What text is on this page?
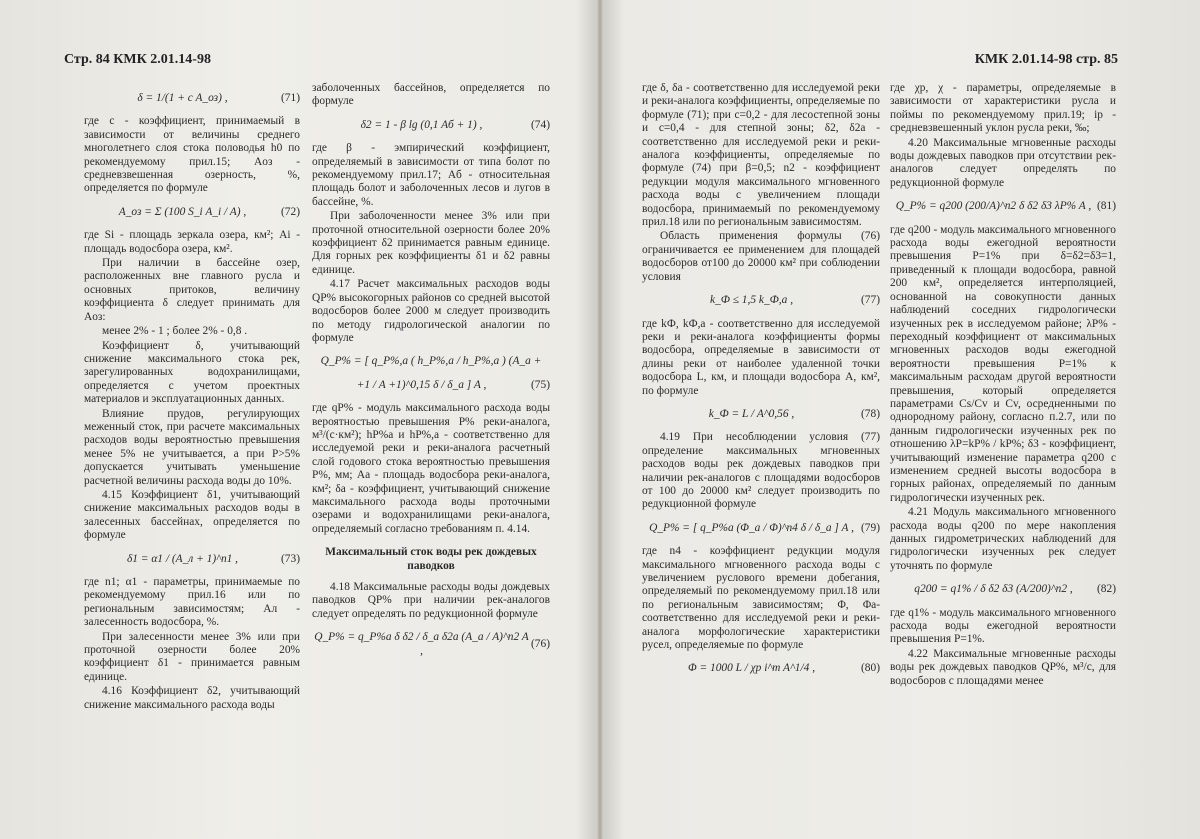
Стр. 84 КМК 2.01.14-98
δ = 1/(1 + c A_оз) ,	(71)

где c - коэффициент, принимаемый в зависимости от величины среднего многолетнего слоя стока половодья h0 по рекомендуемому прил.15; Aоз - средневзвешенная озерность, %, определяется по формуле

A_оз = Σ (100 S_i A_i / A) ,	(72)

где Si - площадь зеркала озера, км²; Ai - площадь водосбора озера, км².

При наличии в бассейне озер, расположенных вне главного русла и основных притоков, величину коэффициента δ следует принимать для Aоз:

менее 2% - 1 ; более 2% - 0,8 .

Коэффициент δ, учитывающий снижение максимального стока рек, зарегулированных водохранилищами, определяется с учетом проектных материалов и эксплуатационных данных.

Влияние прудов, регулирующих меженный сток, при расчете максимальных расходов воды вероятностью превышения менее 5% не учитывается, а при P>5% допускается учитывать уменьшение расчетной величины расхода воды до 10%.

4.15 Коэффициент δ1, учитывающий снижение максимальных расходов воды в залесенных бассейнах, определяется по формуле

δ1 = α1 / (A_л + 1)^n1 ,	(73)

где n1; α1 - параметры, принимаемые по рекомендуемому прил.16 или по региональным зависимостям; Aл - залесенность водосбора, %.

При залесенности менее 3% или при проточной озерности более 20% коэффициент δ1 - принимается равным единице.

4.16 Коэффициент δ2, учитывающий снижение максимального расхода воды

заболоченных бассейнов, определяется по формуле

δ2 = 1 - β lg (0,1 Aб + 1) ,	(74)

где β - эмпирический коэффициент, определяемый в зависимости от типа болот по рекомендуемому прил.17; Aб - относительная площадь болот и заболоченных лесов и лугов в бассейне, %.

При заболоченности менее 3% или при проточной относительной озерности более 20% коэффициент δ2 принимается равным единице. Для горных рек коэффициенты δ1 и δ2 равны единице.

4.17 Расчет максимальных расходов воды QP% высокогорных районов со средней высотой водосборов более 2000 м следует производить по методу гидрологической аналогии по формуле

Q_P% = [ q_P%,a ( h_P%,a / h_P%,a ) (A_a +
+1 / A +1)^0,15 δ / δ_a ] A ,	(75)

где qP% - модуль максимального расхода воды вероятностью превышения P% реки-аналога, м³/(с·км²); hP%a и hP%,a - соответственно для исследуемой реки и реки-аналога расчетный слой годового стока вероятностью превышения P%, мм; Aa - площадь водосбора реки-аналога, км²; δa - коэффициент, учитывающий снижение максимального расхода воды проточными озерами и водохранилищами реки-аналога, определяемый согласно требованиям п. 4.14.

Максимальный сток воды рек дождевых паводков

4.18 Максимальные расходы воды дождевых паводков QP% при наличии рек-аналогов следует определять по редукционной формуле

Q_P% = q_P%a δ δ2 / δ_a δ2a (A_a / A)^n2 A ,
(76)
КМК 2.01.14-98 стр. 85

где δ, δa - соответственно для исследуемой реки и реки-аналога коэффициенты, определяемые по формуле (71); при c=0,2 - для лесостепной зоны и c=0,4 - для степной зоны; δ2, δ2a - соответственно для исследуемой реки и реки-аналога коэффициенты, определяемые по формуле (74) при β=0,5; n2 - коэффициент редукции модуля максимального мгновенного расхода воды с увеличением площади водосбора, принимаемый по рекомендуемому прил.18 или по региональным зависимостям.

Область применения формулы (76) ограничивается ее применением для площадей водосборов от100 до 20000 км² при соблюдении условия

k_Ф ≤ 1,5 k_Ф,a ,	(77)

где kФ, kФ,a - соответственно для исследуемой реки и реки-аналога коэффициенты формы водосбора, определяемые в зависимости от длины реки от наиболее удаленной точки водосбора L, км, и площади водосбора A, км², по формуле

k_Ф = L / A^0,56 ,	(78)

4.19 При несоблюдении условия (77) определение максимальных мгновенных расходов воды рек дождевых паводков при наличии рек-аналогов с площадями водосборов от 100 до 20000 км² следует производить по редукционной формуле

Q_P% = [ q_P%a (Φ_a / Φ)^n4 δ / δ_a ] A , (79)

где n4 - коэффициент редукции модуля максимального мгновенного расхода воды с увеличением руслового времени добегания, определяемый по рекомендуемому прил.18 или по региональным зависимостям; Φ, Φa- соответственно для исследуемой реки и реки-аналога морфологические характеристики русел, определяемые по формуле

Φ = 1000 L / χp i^m A^1/4 ,	(80)

где χp, χ - параметры, определяемые в зависимости от характеристики русла и поймы по рекомендуемому прил.19; ip - средневзвешенный уклон русла реки, ‰;

4.20 Максимальные мгновенные расходы воды дождевых паводков при отсутствии рек-аналогов следует определять по редукционной формуле

Q_P% = q200 (200/A)^n2 δ δ2 δ3 λP% A , (81)

где q200 - модуль максимального мгновенного расхода воды ежегодной вероятности превышения P=1% при δ=δ2=δ3=1, приведенный к площади водосбора, равной 200 км², определяется интерполяцией, основанной на совокупности данных наблюдений соседних гидрологически изученных рек в исследуемом районе; λP% - переходный коэффициент от максимальных мгновенных расходов воды ежегодной вероятности превышения P=1% к максимальным расходам другой вероятности превышения, который определяется параметрами Cs/Cv и Cv, осредненными по однородному району, согласно п.2.7, или по данным гидрологически изученных рек по отношению λP=kP% / kP%; δ3 - коэффициент, учитывающий изменение параметра q200 с изменением средней высоты водосбора в горных районах, определяемый по данным гидрологически изученных рек.

4.21 Модуль максимального мгновенного расхода воды q200 по мере накопления данных гидрометрических наблюдений для гидрологически изученных рек следует уточнять по формуле

q200 = q1% / δ δ2 δ3 (A/200)^n2 ,	(82)

где q1% - модуль максимального мгновенного расхода воды ежегодной вероятности превышения P=1%.

4.22 Максимальные мгновенные расходы воды рек дождевых паводков QP%, м³/с, для водосборов с площадями менее
